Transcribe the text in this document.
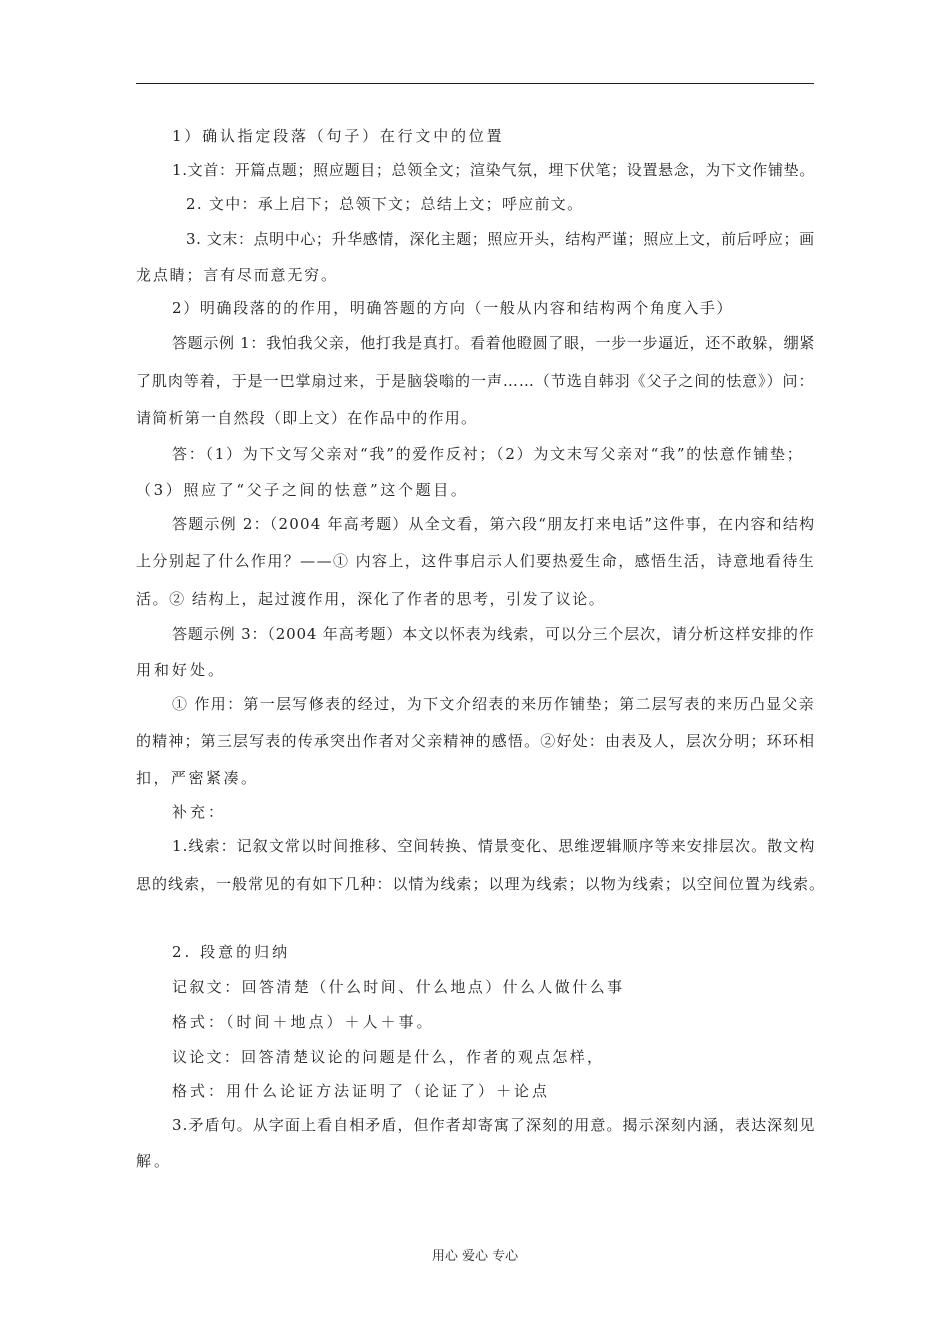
1）确认指定段落（句子）在行文中的位置
1.文首：开篇点题；照应题目；总领全文；渲染气氛，埋下伏笔；设置悬念，为下文作铺垫。
2. 文中：承上启下；总领下文；总结上文；呼应前文。
3. 文末：点明中心；升华感情，深化主题；照应开头，结构严谨；照应上文，前后呼应；画
龙点睛；言有尽而意无穷。
2）明确段落的的作用，明确答题的方向（一般从内容和结构两个角度入手）
答题示例 1：我怕我父亲，他打我是真打。看着他瞪圆了眼，一步一步逼近，还不敢躲，绷紧
了肌肉等着，于是一巴掌扇过来，于是脑袋嗡的一声……（节选自韩羽《父子之间的怯意》）问：
请简析第一自然段（即上文）在作品中的作用。
答：（1）为下文写父亲对“我”的爱作反衬；（2）为文末写父亲对“我”的怯意作铺垫；
（3）照应了“父子之间的怯意”这个题目。
答题示例 2：（2004 年高考题）从全文看，第六段“朋友打来电话”这件事，在内容和结构
上分别起了什么作用？——① 内容上，这件事启示人们要热爱生命，感悟生活，诗意地看待生
活。② 结构上，起过渡作用，深化了作者的思考，引发了议论。
答题示例 3：（2004 年高考题）本文以怀表为线索，可以分三个层次，请分析这样安排的作
用和好处。
① 作用：第一层写修表的经过，为下文介绍表的来历作铺垫；第二层写表的来历凸显父亲
的精神；第三层写表的传承突出作者对父亲精神的感悟。②好处：由表及人，层次分明；环环相
扣，严密紧凑。
补充：
1.线索：记叙文常以时间推移、空间转换、情景变化、思维逻辑顺序等来安排层次。散文构
思的线索，一般常见的有如下几种：以情为线索；以理为线索；以物为线索；以空间位置为线索。
2. 段意的归纳
记叙文：回答清楚（什么时间、什么地点）什么人做什么事
格式：（时间＋地点）＋人＋事。
议论文：回答清楚议论的问题是什么，作者的观点怎样，
格式：用什么论证方法证明了（论证了）＋论点
3.矛盾句。从字面上看自相矛盾，但作者却寄寓了深刻的用意。揭示深刻内涵，表达深刻见
解。
用心 爱心 专心
